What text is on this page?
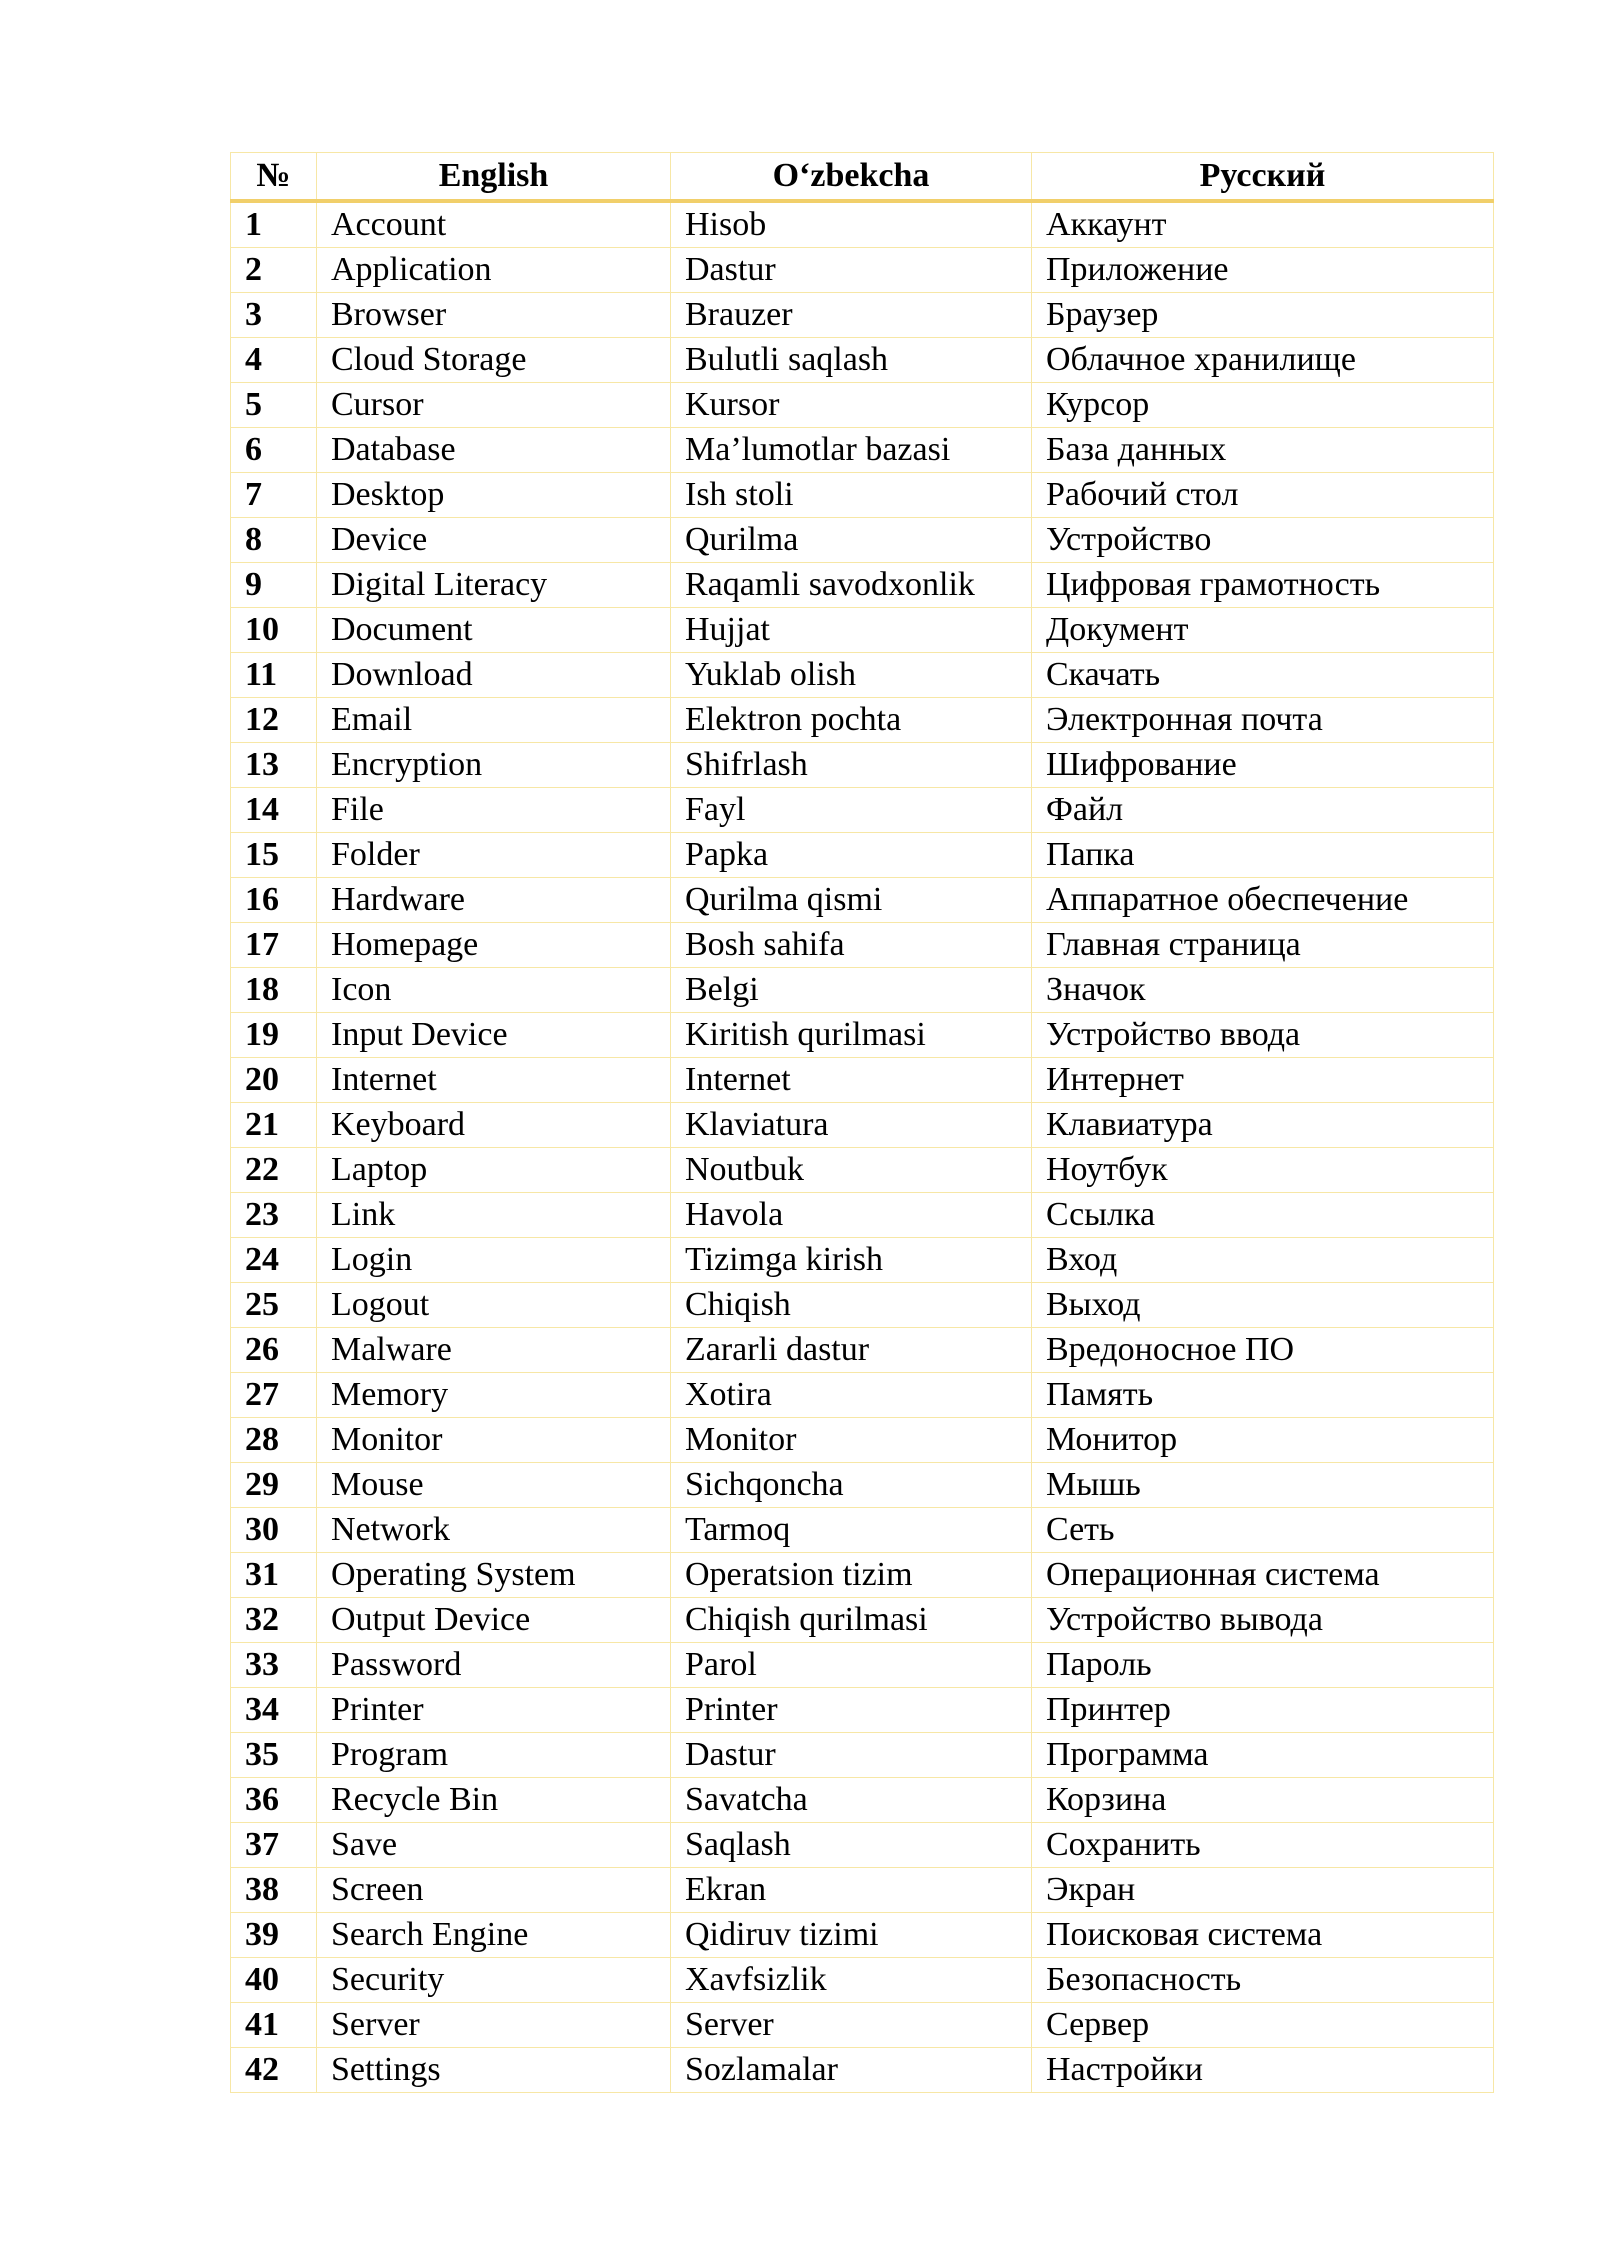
№	English	O‘zbekcha	Русский
1	Account	Hisob	Аккаунт
2	Application	Dastur	Приложение
3	Browser	Brauzer	Браузер
4	Cloud Storage	Bulutli saqlash	Облачное хранилище
5	Cursor	Kursor	Курсор
6	Database	Ma’lumotlar bazasi	База данных
7	Desktop	Ish stoli	Рабочий стол
8	Device	Qurilma	Устройство
9	Digital Literacy	Raqamli savodxonlik	Цифровая грамотность
10	Document	Hujjat	Документ
11	Download	Yuklab olish	Скачать
12	Email	Elektron pochta	Электронная почта
13	Encryption	Shifrlash	Шифрование
14	File	Fayl	Файл
15	Folder	Papka	Папка
16	Hardware	Qurilma qismi	Аппаратное обеспечение
17	Homepage	Bosh sahifa	Главная страница
18	Icon	Belgi	Значок
19	Input Device	Kiritish qurilmasi	Устройство ввода
20	Internet	Internet	Интернет
21	Keyboard	Klaviatura	Клавиатура
22	Laptop	Noutbuk	Ноутбук
23	Link	Havola	Ссылка
24	Login	Tizimga kirish	Вход
25	Logout	Chiqish	Выход
26	Malware	Zararli dastur	Вредоносное ПО
27	Memory	Xotira	Память
28	Monitor	Monitor	Монитор
29	Mouse	Sichqoncha	Мышь
30	Network	Tarmoq	Сеть
31	Operating System	Operatsion tizim	Операционная система
32	Output Device	Chiqish qurilmasi	Устройство вывода
33	Password	Parol	Пароль
34	Printer	Printer	Принтер
35	Program	Dastur	Программа
36	Recycle Bin	Savatcha	Корзина
37	Save	Saqlash	Сохранить
38	Screen	Ekran	Экран
39	Search Engine	Qidiruv tizimi	Поисковая система
40	Security	Xavfsizlik	Безопасность
41	Server	Server	Сервер
42	Settings	Sozlamalar	Настройки
